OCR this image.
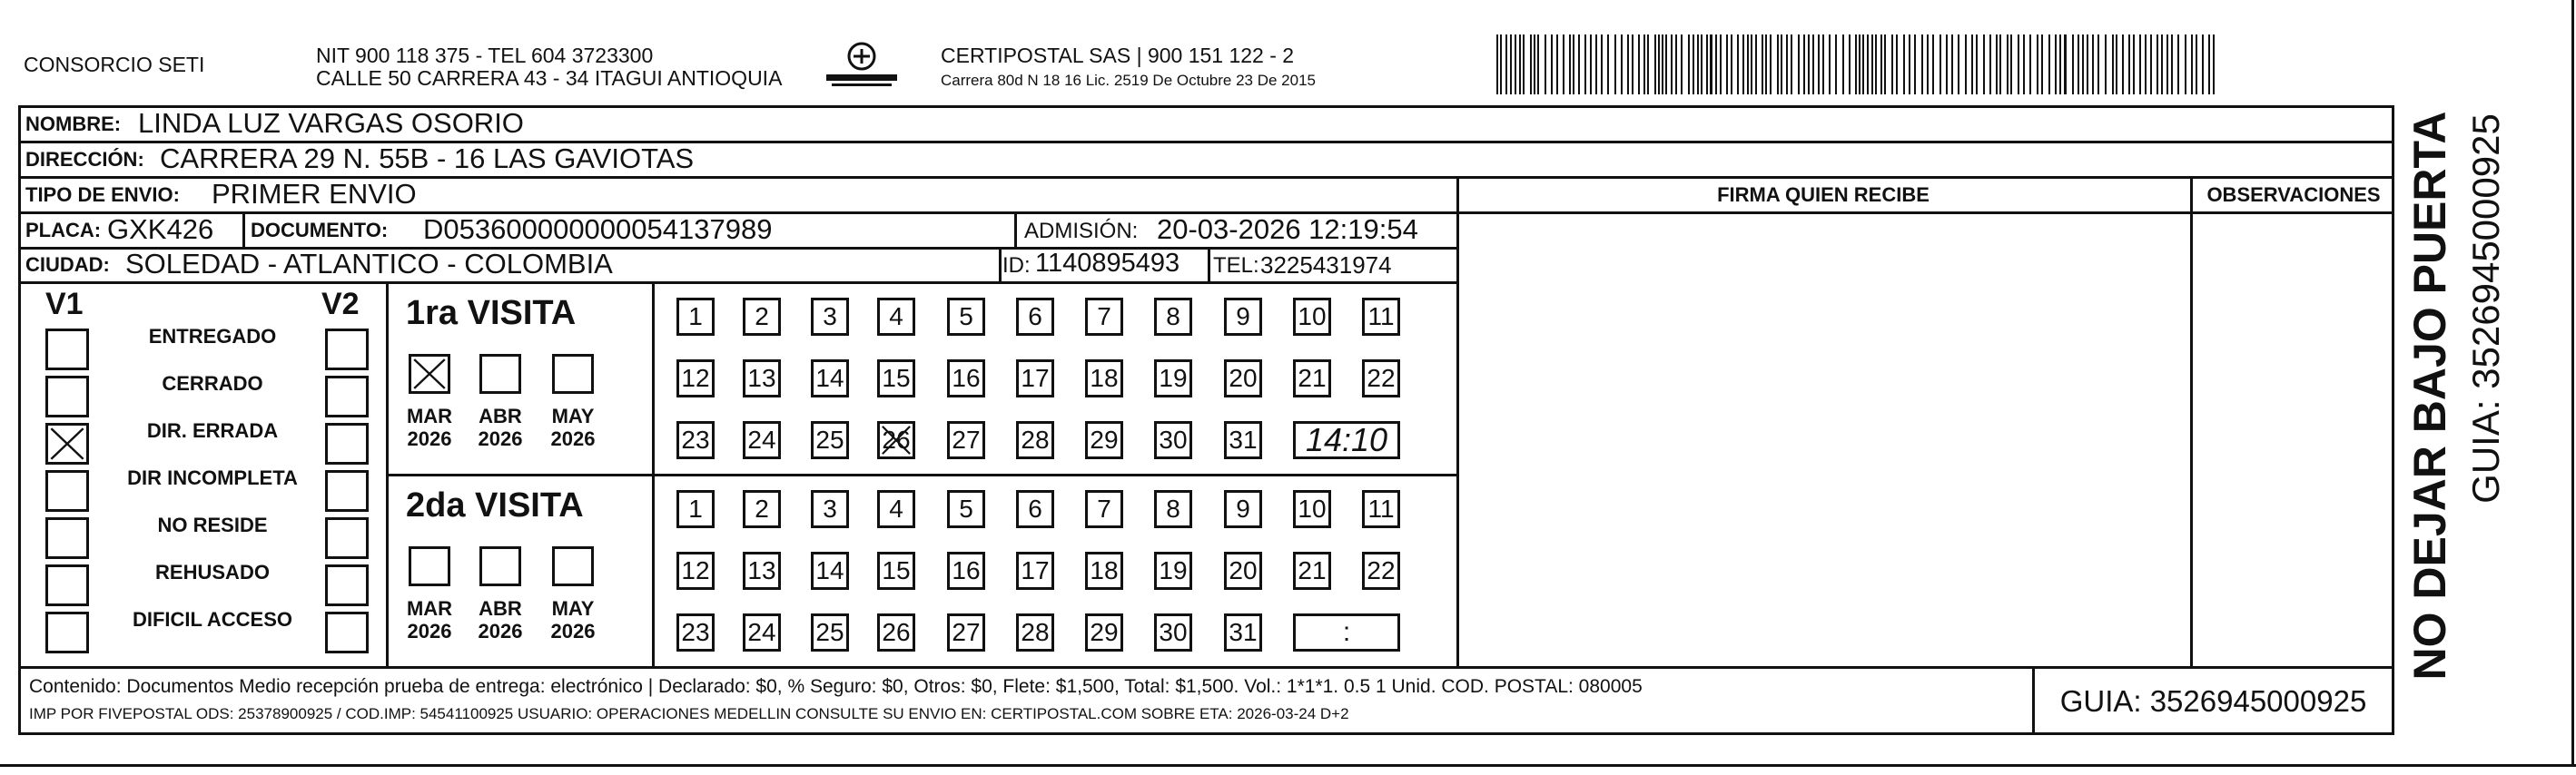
CONSORCIO SETI	NIT 900 118 375 - TEL 604 3723300
CALLE 50 CARRERA 43 - 34 ITAGUI ANTIOQUIA
CERTIPOSTAL SAS | 900 151 122 - 2
Carrera 80d N 18 16 Lic. 2519 De Octubre 23 De 2015
NOMBRE: LINDA LUZ VARGAS OSORIO
DIRECCIÓN: CARRERA 29 N. 55B - 16 LAS GAVIOTAS
TIPO DE ENVIO: PRIMER ENVIO
PLACA: GXK426 DOCUMENTO: D053600000000054137989	ADMISIÓN: 20-03-2026 12:19:54
CIUDAD: SOLEDAD - ATLANTICO - COLOMBIA	ID: 1140895493 TEL: 3225431974
FIRMA QUIEN RECIBE	OBSERVACIONES
V1	V2
ENTREGADO
CERRADO
DIR. ERRADA
DIR INCOMPLETA
NO RESIDE
REHUSADO
DIFICIL ACCESO
1ra VISITA
MAR
2026
ABR
2026
MAY
2026
1	2	3	4	5	6	7	8	9	10 11
12 13 14 15 16 17 18 19 20 21 22
23 24 25 26 27 28 29 30 31	14:10
2da VISITA
MAR
2026
ABR
2026
MAY
2026
1	2	3	4	5	6	7	8	9	10 11
12 13 14 15 16 17 18 19 20 21 22
23 24 25 26 27 28 29 30 31	:
Contenido: Documentos Medio recepción prueba de entrega: electrónico | Declarado: $0, % Seguro: $0, Otros: $0, Flete: $1,500, Total: $1,500. Vol.: 1*1*1. 0.5 1 Unid. COD. POSTAL: 080005
IMP POR FIVEPOSTAL ODS: 25378900925 / COD.IMP: 54541100925 USUARIO: OPERACIONES MEDELLIN CONSULTE SU ENVIO EN: CERTIPOSTAL.COM SOBRE ETA: 2026-03-24 D+2	GUIA: 3526945000925
NO DEJAR BAJO PUERTA GUIA: 3526945000925
